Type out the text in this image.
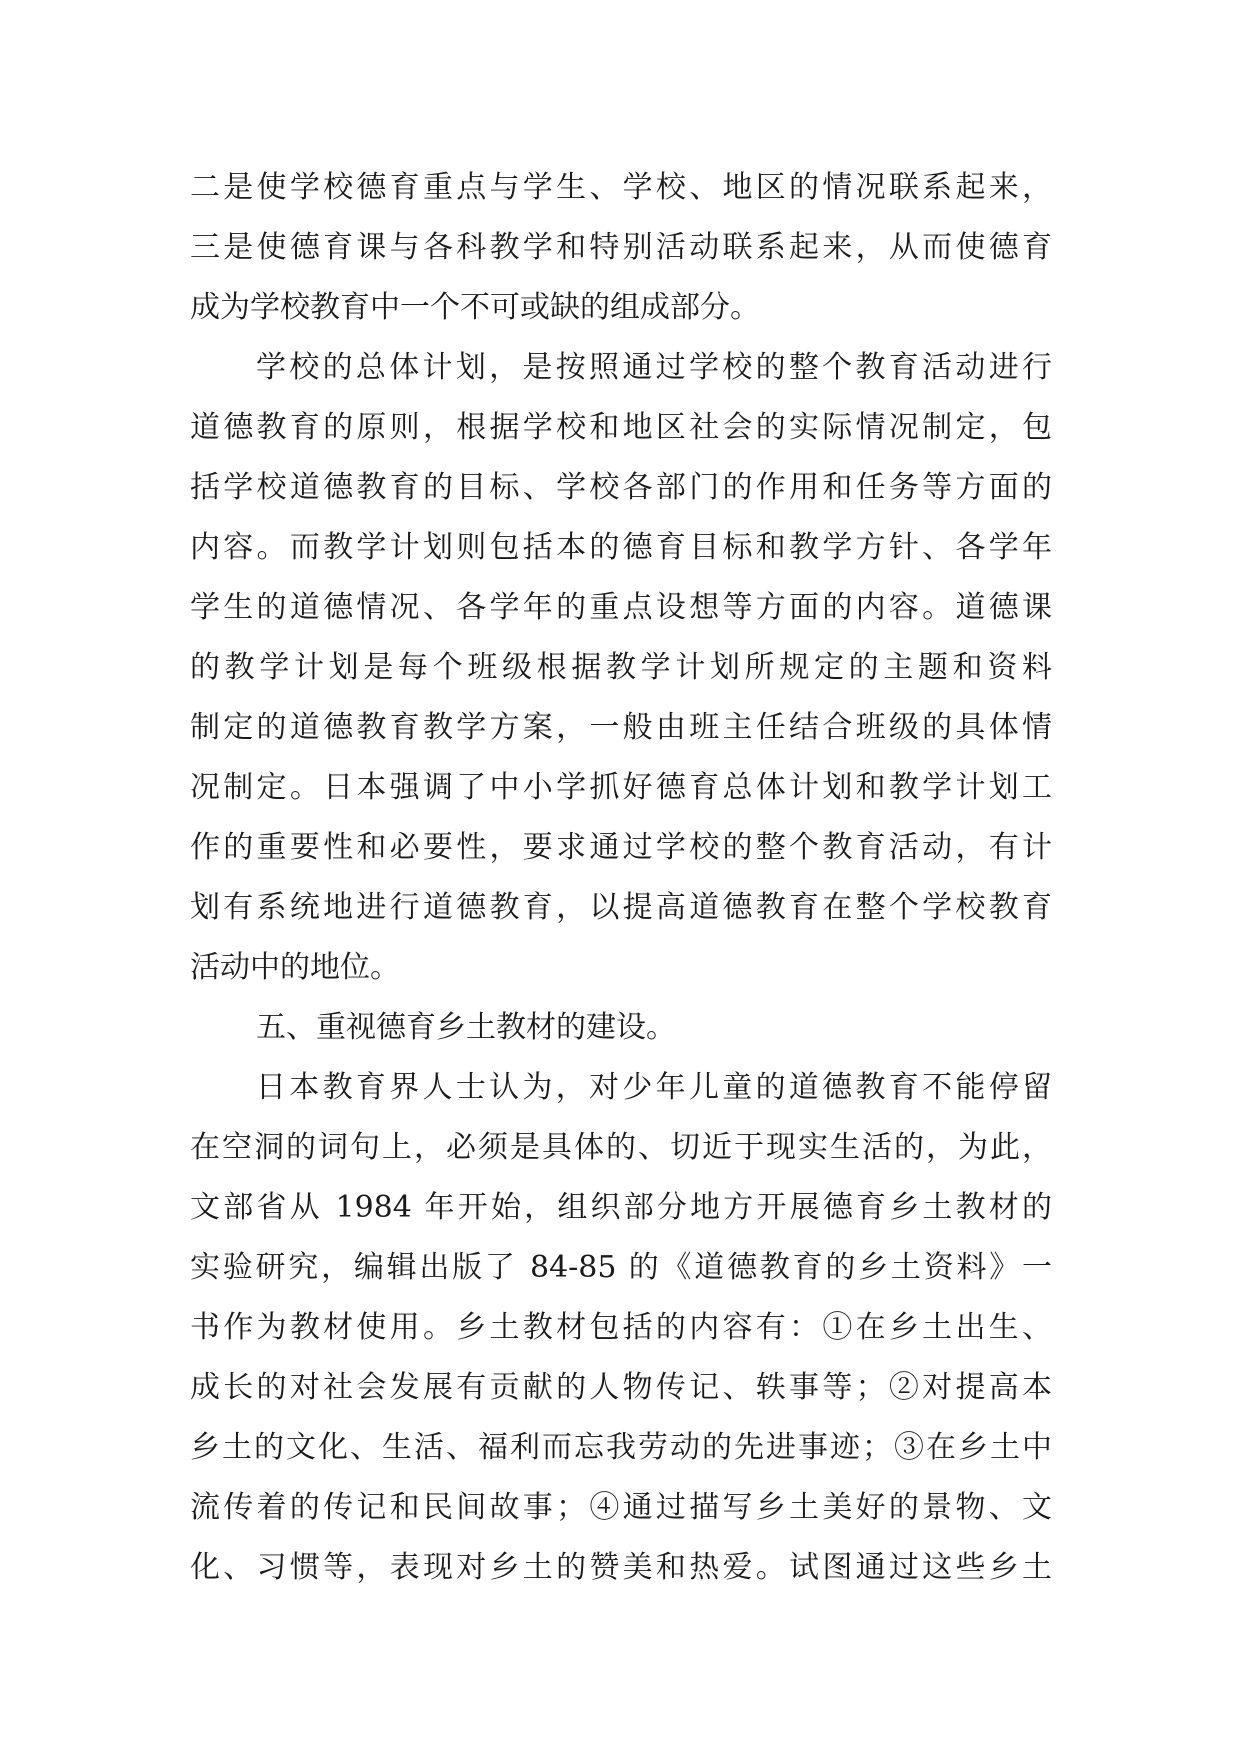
二是使学校德育重点与学生、学校、地区的情况联系起来，
三是使德育课与各科教学和特别活动联系起来，从而使德育
成为学校教育中一个不可或缺的组成部分。
学校的总体计划，是按照通过学校的整个教育活动进行
道德教育的原则，根据学校和地区社会的实际情况制定，包
括学校道德教育的目标、学校各部门的作用和任务等方面的
内容。而教学计划则包括本的德育目标和教学方针、各学年
学生的道德情况、各学年的重点设想等方面的内容。道德课
的教学计划是每个班级根据教学计划所规定的主题和资料
制定的道德教育教学方案，一般由班主任结合班级的具体情
况制定。日本强调了中小学抓好德育总体计划和教学计划工
作的重要性和必要性，要求通过学校的整个教育活动，有计
划有系统地进行道德教育，以提高道德教育在整个学校教育
活动中的地位。
五、重视德育乡土教材的建设。
日本教育界人士认为，对少年儿童的道德教育不能停留
在空洞的词句上，必须是具体的、切近于现实生活的，为此，
文部省从 1984 年开始，组织部分地方开展德育乡土教材的
实验研究，编辑出版了 84-85 的《道德教育的乡土资料》一
书作为教材使用。乡土教材包括的内容有：①在乡土出生、
成长的对社会发展有贡献的人物传记、轶事等；②对提高本
乡土的文化、生活、福利而忘我劳动的先进事迹；③在乡土中
流传着的传记和民间故事；④通过描写乡土美好的景物、文
化、习惯等，表现对乡土的赞美和热爱。试图通过这些乡土
